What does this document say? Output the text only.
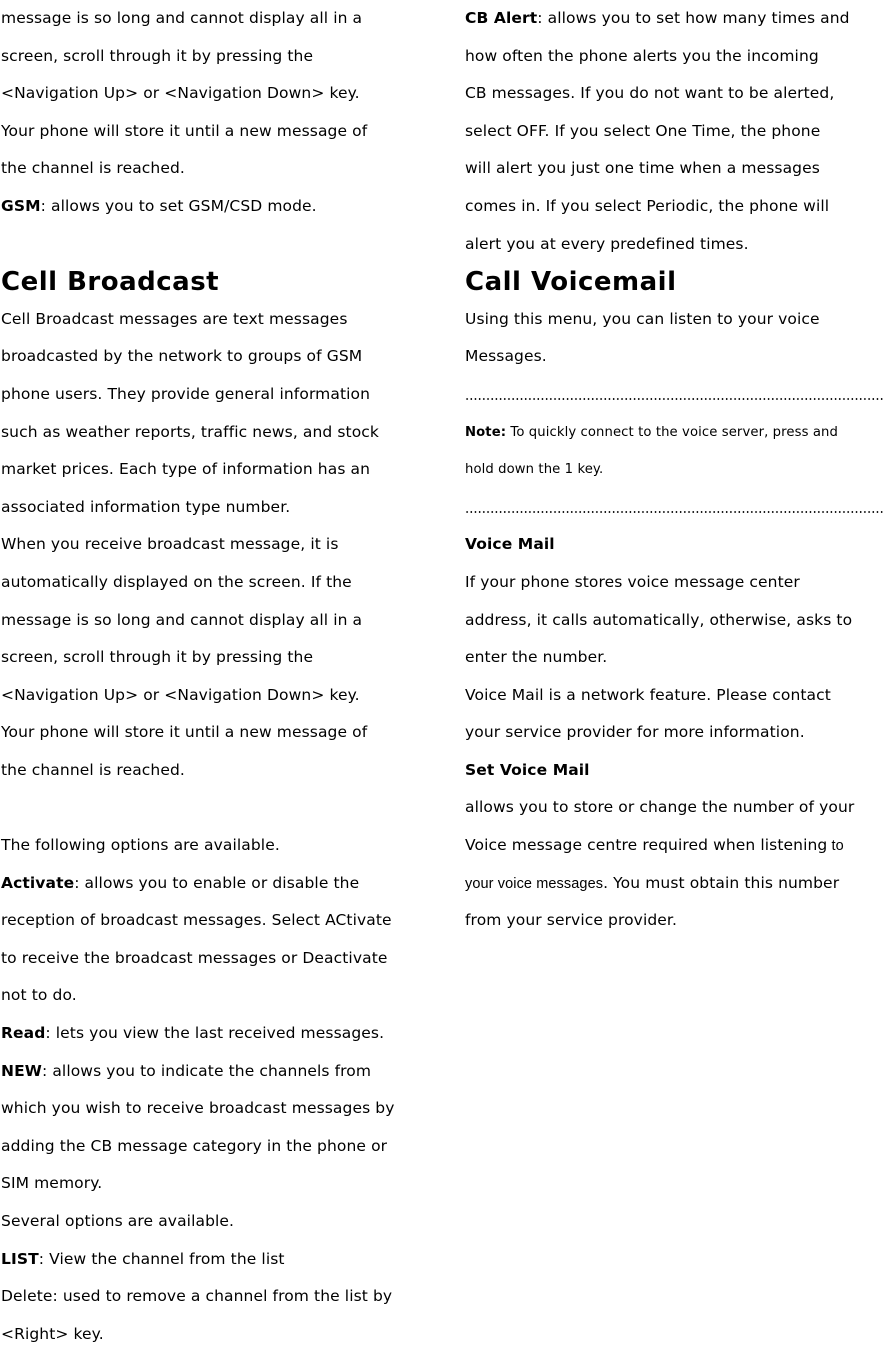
message is so long and cannot display all in a
screen, scroll through it by pressing the
<Navigation Up> or <Navigation Down> key.
Your phone will store it until a new message of
the channel is reached.
GSM: allows you to set GSM/CSD mode.
Cell Broadcast
Cell Broadcast messages are text messages
broadcasted by the network to groups of GSM
phone users. They provide general information
such as weather reports, traffic news, and stock
market prices. Each type of information has an
associated information type number.
When you receive broadcast message, it is
automatically displayed on the screen. If the
message is so long and cannot display all in a
screen, scroll through it by pressing the
<Navigation Up> or <Navigation Down> key.
Your phone will store it until a new message of
the channel is reached.
The following options are available.
Activate: allows you to enable or disable the
reception of broadcast messages. Select ACtivate
to receive the broadcast messages or Deactivate
not to do.
Read: lets you view the last received messages.
NEW: allows you to indicate the channels from
which you wish to receive broadcast messages by
adding the CB message category in the phone or
SIM memory.
Several options are available.
LIST: View the channel from the list
Delete: used to remove a channel from the list by
<Right> key.
CB Alert: allows you to set how many times and
how often the phone alerts you the incoming
CB messages. If you do not want to be alerted,
select OFF. If you select One Time, the phone
will alert you just one time when a messages
comes in. If you select Periodic, the phone will
alert you at every predefined times.
Call Voicemail
Using this menu, you can listen to your voice
Messages.
Note: To quickly connect to the voice server, press and
hold down the 1 key.
Voice Mail
If your phone stores voice message center
address, it calls automatically, otherwise, asks to
enter the number.
Voice Mail is a network feature. Please contact
your service provider for more information.
Set Voice Mail
allows you to store or change the number of your
Voice message centre required when listening to
your voice messages. You must obtain this number
from your service provider.
